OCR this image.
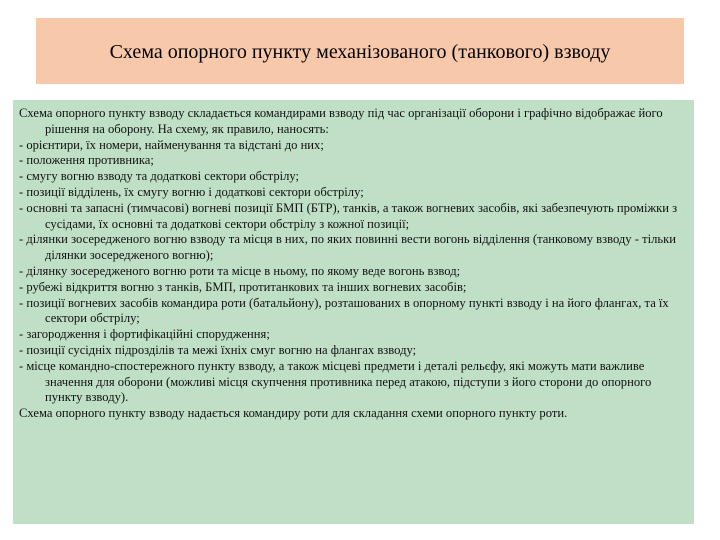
Схема опорного пункту механізованого (танкового) взводу

Схема опорного пункту взводу складається командирами взводу під час організації оборони і графічно відображає його рішення на оборону. На схему, як правило, наносять:

- орієнтири, їх номери, найменування та відстані до них;

- положення противника;

- смугу вогню взводу та додаткові сектори обстрілу;

- позиції відділень, їх смугу вогню і додаткові сектори обстрілу;

- основні та запасні (тимчасові) вогневі позиції БМП (БТР), танків, а також вогневих засобів, які забезпечують проміжки з сусідами, їх основні та додаткові сектори обстрілу з кожної позиції;

- ділянки зосередженого вогню взводу та місця в них, по яких повинні вести вогонь відділення (танковому взводу - тільки ділянки зосередженого вогню);

- ділянку зосередженого вогню роти та місце в ньому, по якому веде вогонь взвод;

- рубежі відкриття вогню з танків, БМП, протитанкових та інших вогневих засобів;

- позиції вогневих засобів командира роти (батальйону), розташованих в опорному пункті взводу і на його флангах, та їх сектори обстрілу;

- загородження і фортифікаційні спорудження;

- позиції сусідніх підрозділів та межі їхніх смуг вогню на флангах взводу;

- місце командно-спостережного пункту взводу, а також місцеві предмети і деталі рельєфу, які можуть мати важливе значення для оборони (можливі місця скупчення противника перед атакою, підступи з його сторони до опорного пункту взводу).

Схема опорного пункту взводу надається командиру роти для складання схеми опорного пункту роти.
